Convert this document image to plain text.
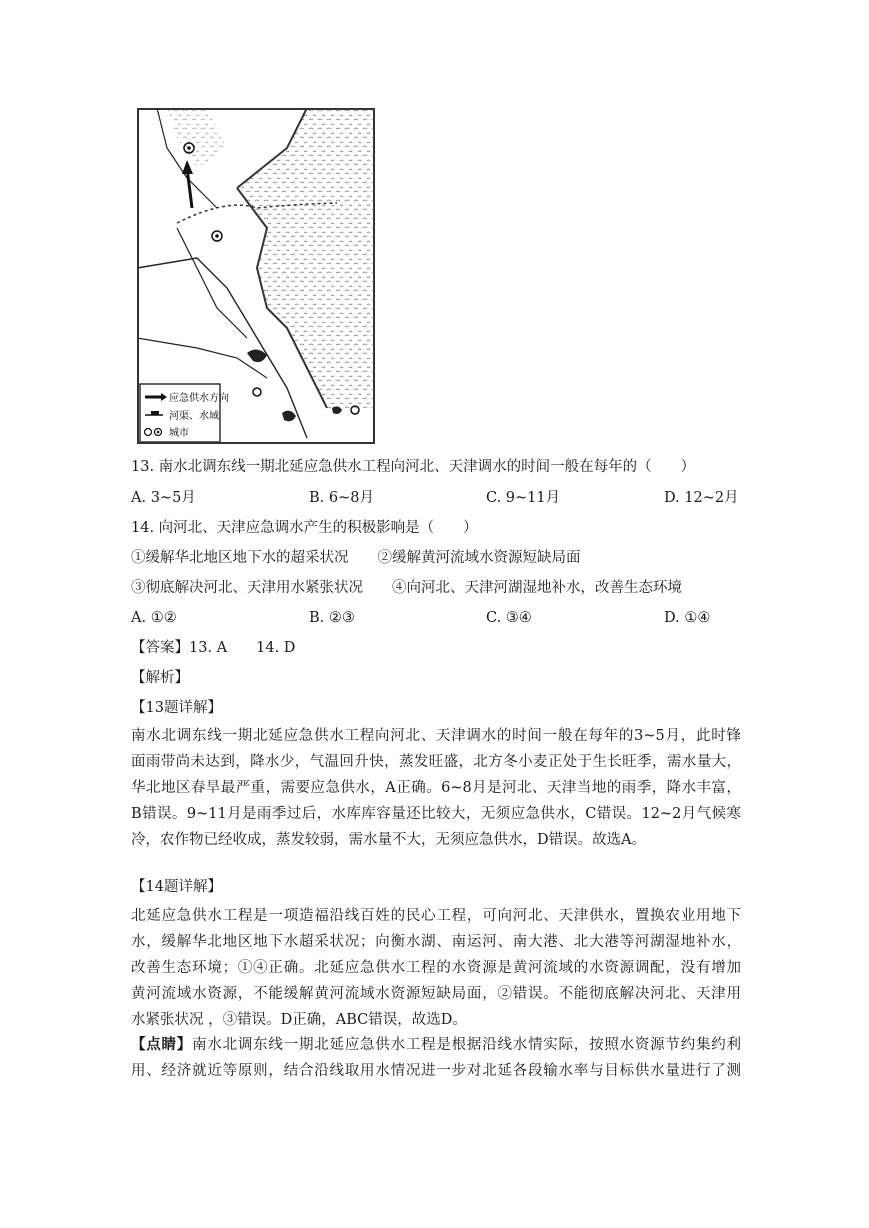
应急供水方向
河渠、水域
城市
13. 南水北调东线一期北延应急供水工程向河北、天津调水的时间一般在每年的（　　）
A. 3~5月	B. 6~8月	C. 9~11月	D. 12~2月
14. 向河北、天津应急调水产生的积极影响是（　　）
①缓解华北地区地下水的超采状况　　②缓解黄河流域水资源短缺局面
③彻底解决河北、天津用水紧张状况　　④向河北、天津河湖湿地补水，改善生态环境
A. ①②	B. ②③	C. ③④	D. ①④
【答案】13. A　　14. D
【解析】
【13题详解】
南水北调东线一期北延应急供水工程向河北、天津调水的时间一般在每年的3~5月，此时锋
面雨带尚未达到，降水少，气温回升快，蒸发旺盛，北方冬小麦正处于生长旺季，需水量大，
华北地区春旱最严重，需要应急供水，A正确。6~8月是河北、天津当地的雨季，降水丰富，
B错误。9~11月是雨季过后，水库库容量还比较大，无须应急供水，C错误。12~2月气候寒
冷，农作物已经收成，蒸发较弱，需水量不大，无须应急供水，D错误。故选A。
【14题详解】
北延应急供水工程是一项造福沿线百姓的民心工程，可向河北、天津供水，置换农业用地下
水，缓解华北地区地下水超采状况；向衡水湖、南运河、南大港、北大港等河湖湿地补水，
改善生态环境；①④正确。北延应急供水工程的水资源是黄河流域的水资源调配，没有增加
黄河流域水资源，不能缓解黄河流域水资源短缺局面，②错误。不能彻底解决河北、天津用
水紧张状况 ，③错误。D正确，ABC错误，故选D。
【点睛】南水北调东线一期北延应急供水工程是根据沿线水情实际，按照水资源节约集约利
用、经济就近等原则，结合沿线取用水情况进一步对北延各段输水率与目标供水量进行了测
